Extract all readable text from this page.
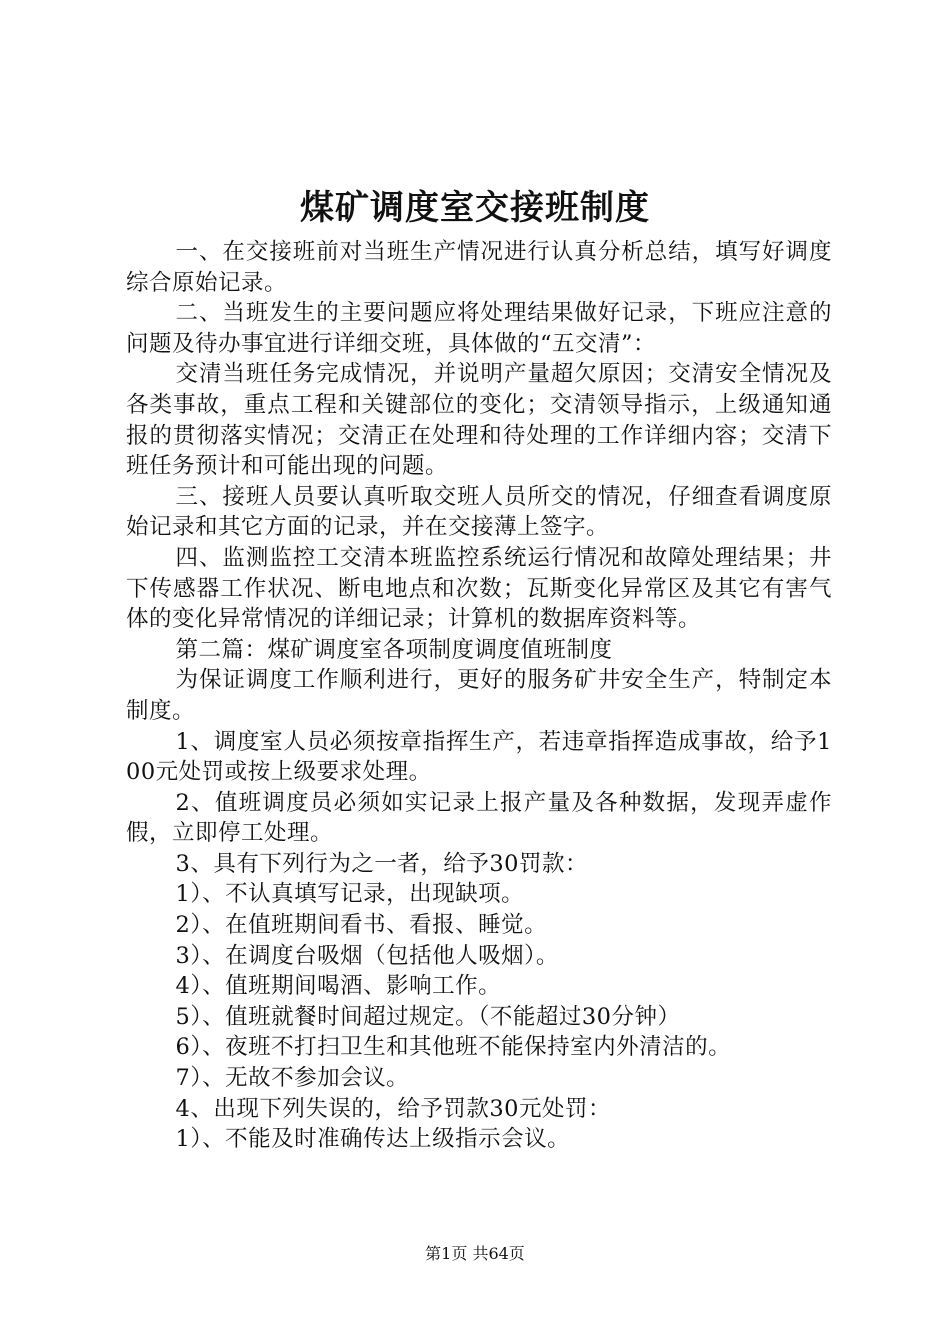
煤矿调度室交接班制度

一、在交接班前对当班生产情况进行认真分析总结，填写好调度综合原始记录。

二、当班发生的主要问题应将处理结果做好记录，下班应注意的问题及待办事宜进行详细交班，具体做的“五交清”：

交清当班任务完成情况，并说明产量超欠原因；交清安全情况及各类事故，重点工程和关键部位的变化；交清领导指示，上级通知通报的贯彻落实情况；交清正在处理和待处理的工作详细内容；交清下班任务预计和可能出现的问题。

三、接班人员要认真听取交班人员所交的情况，仔细查看调度原始记录和其它方面的记录，并在交接薄上签字。

四、监测监控工交清本班监控系统运行情况和故障处理结果；井下传感器工作状况、断电地点和次数；瓦斯变化异常区及其它有害气体的变化异常情况的详细记录；计算机的数据库资料等。

第二篇：煤矿调度室各项制度调度值班制度

为保证调度工作顺利进行，更好的服务矿井安全生产，特制定本制度。

1、调度室人员必须按章指挥生产，若违章指挥造成事故，给予100元处罚或按上级要求处理。

2、值班调度员必须如实记录上报产量及各种数据，发现弄虚作假，立即停工处理。

3、具有下列行为之一者，给予30罚款：

1）、不认真填写记录，出现缺项。

2）、在值班期间看书、看报、睡觉。

3）、在调度台吸烟（包括他人吸烟）。

4）、值班期间喝酒、影响工作。

5）、值班就餐时间超过规定。（不能超过30分钟）

6）、夜班不打扫卫生和其他班不能保持室内外清洁的。

7）、无故不参加会议。

4、出现下列失误的，给予罚款30元处罚：

1）、不能及时准确传达上级指示会议。

第1页 共64页
